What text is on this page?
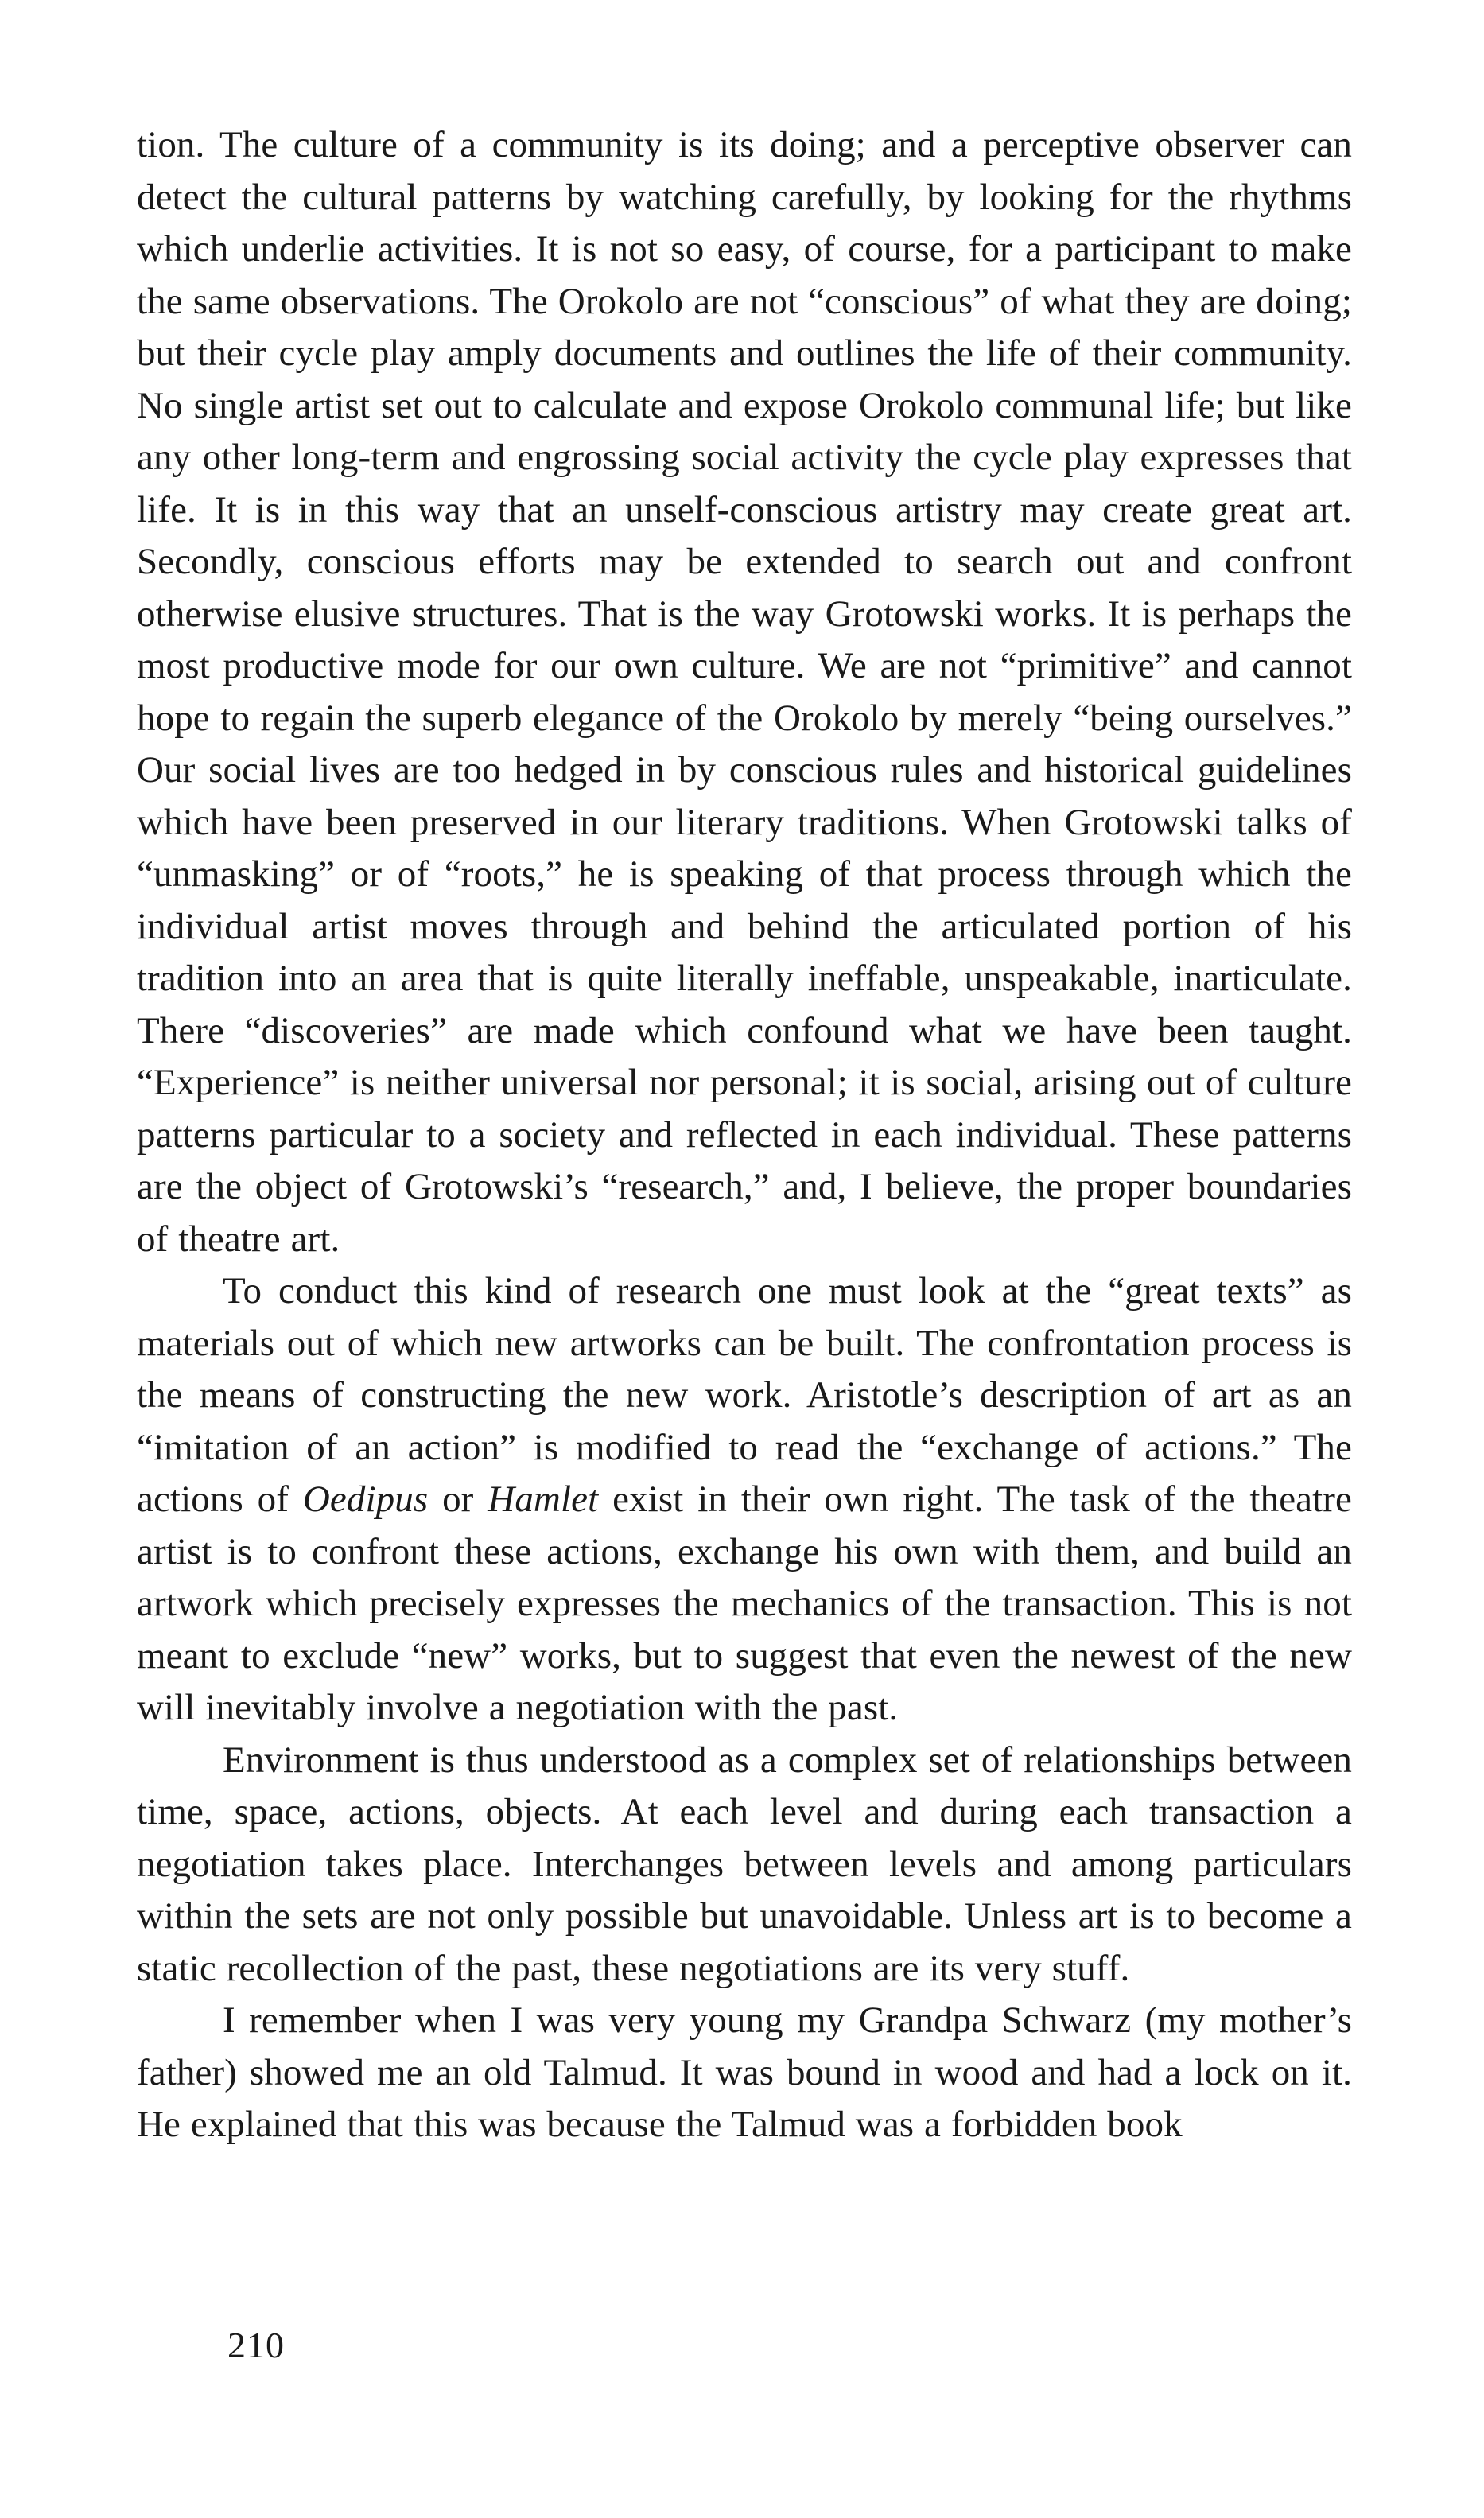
tion. The culture of a community is its doing; and a perceptive observer can detect the cultural patterns by watching carefully, by looking for the rhythms which underlie activities. It is not so easy, of course, for a participant to make the same observations. The Orokolo are not “conscious” of what they are doing; but their cycle play amply documents and outlines the life of their community. No single artist set out to calculate and expose Orokolo communal life; but like any other long-term and engrossing social activity the cycle play expresses that life. It is in this way that an unself-conscious artistry may create great art. Secondly, conscious efforts may be extended to search out and confront otherwise elusive structures. That is the way Grotowski works. It is perhaps the most productive mode for our own culture. We are not “primitive” and cannot hope to regain the superb elegance of the Orokolo by merely “being ourselves.” Our social lives are too hedged in by conscious rules and historical guidelines which have been preserved in our literary traditions. When Grotowski talks of “unmasking” or of “roots,” he is speaking of that process through which the individual artist moves through and behind the articulated portion of his tradition into an area that is quite literally ineffable, unspeakable, inarticulate. There “discoveries” are made which confound what we have been taught. “Experience” is neither universal nor personal; it is social, arising out of culture patterns particular to a society and reflected in each individual. These patterns are the object of Grotowski’s “research,” and, I believe, the proper boundaries of theatre art.

To conduct this kind of research one must look at the “great texts” as materials out of which new artworks can be built. The confrontation process is the means of constructing the new work. Aristotle’s description of art as an “imitation of an action” is modified to read the “exchange of actions.” The actions of Oedipus or Hamlet exist in their own right. The task of the theatre artist is to confront these actions, exchange his own with them, and build an artwork which precisely expresses the mechanics of the transaction. This is not meant to exclude “new” works, but to suggest that even the newest of the new will inevitably involve a negotiation with the past.

Environment is thus understood as a complex set of relationships between time, space, actions, objects. At each level and during each transaction a negotiation takes place. Interchanges between levels and among particulars within the sets are not only possible but unavoidable. Unless art is to become a static recollection of the past, these negotiations are its very stuff.

I remember when I was very young my Grandpa Schwarz (my mother’s father) showed me an old Talmud. It was bound in wood and had a lock on it. He explained that this was because the Talmud was a forbidden book

210
